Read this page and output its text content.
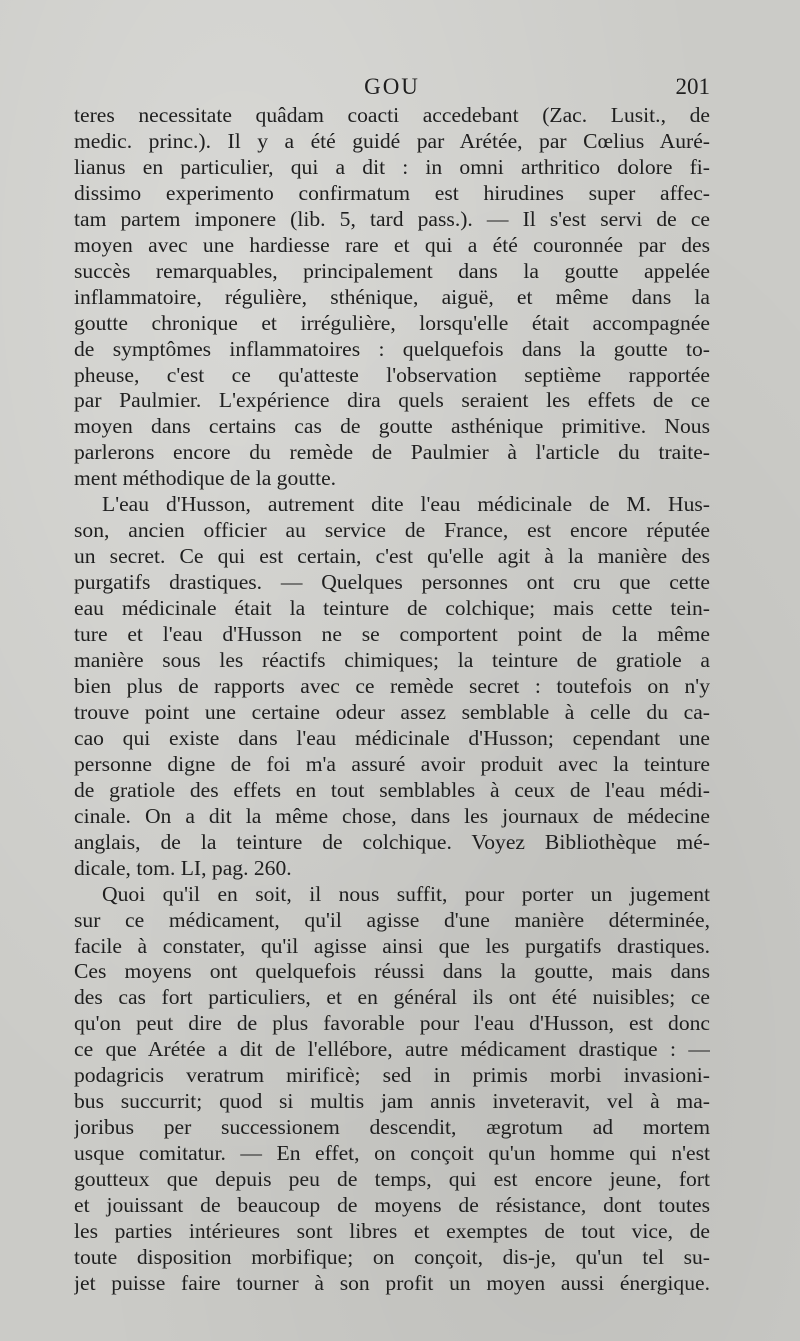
GOU	201
teres necessitate quâdam coacti accedebant (Zac. Lusit., de
medic. princ.). Il y a été guidé par Arétée, par Cœlius Auré-
lianus en particulier, qui a dit : in omni arthritico dolore fi-
dissimo experimento confirmatum est hirudines super affec-
tam partem imponere (lib. 5, tard pass.). — Il s'est servi de ce
moyen avec une hardiesse rare et qui a été couronnée par des
succès remarquables, principalement dans la goutte appelée
inflammatoire, régulière, sthénique, aiguë, et même dans la
goutte chronique et irrégulière, lorsqu'elle était accompagnée
de symptômes inflammatoires : quelquefois dans la goutte to-
pheuse, c'est ce qu'atteste l'observation septième rapportée
par Paulmier. L'expérience dira quels seraient les effets de ce
moyen dans certains cas de goutte asthénique primitive. Nous
parlerons encore du remède de Paulmier à l'article du traite-
ment méthodique de la goutte.
L'eau d'Husson, autrement dite l'eau médicinale de M. Hus-
son, ancien officier au service de France, est encore réputée
un secret. Ce qui est certain, c'est qu'elle agit à la manière des
purgatifs drastiques. — Quelques personnes ont cru que cette
eau médicinale était la teinture de colchique; mais cette tein-
ture et l'eau d'Husson ne se comportent point de la même
manière sous les réactifs chimiques; la teinture de gratiole a
bien plus de rapports avec ce remède secret : toutefois on n'y
trouve point une certaine odeur assez semblable à celle du ca-
cao qui existe dans l'eau médicinale d'Husson; cependant une
personne digne de foi m'a assuré avoir produit avec la teinture
de gratiole des effets en tout semblables à ceux de l'eau médi-
cinale. On a dit la même chose, dans les journaux de médecine
anglais, de la teinture de colchique. Voyez Bibliothèque mé-
dicale, tom. LI, pag. 260.
Quoi qu'il en soit, il nous suffit, pour porter un jugement
sur ce médicament, qu'il agisse d'une manière déterminée,
facile à constater, qu'il agisse ainsi que les purgatifs drastiques.
Ces moyens ont quelquefois réussi dans la goutte, mais dans
des cas fort particuliers, et en général ils ont été nuisibles; ce
qu'on peut dire de plus favorable pour l'eau d'Husson, est donc
ce que Arétée a dit de l'ellébore, autre médicament drastique : —
podagricis veratrum mirificè; sed in primis morbi invasioni-
bus succurrit; quod si multis jam annis inveteravit, vel à ma-
joribus per successionem descendit, ægrotum ad mortem
usque comitatur. — En effet, on conçoit qu'un homme qui n'est
goutteux que depuis peu de temps, qui est encore jeune, fort
et jouissant de beaucoup de moyens de résistance, dont toutes
les parties intérieures sont libres et exemptes de tout vice, de
toute disposition morbifique; on conçoit, dis-je, qu'un tel su-
jet puisse faire tourner à son profit un moyen aussi énergique.
